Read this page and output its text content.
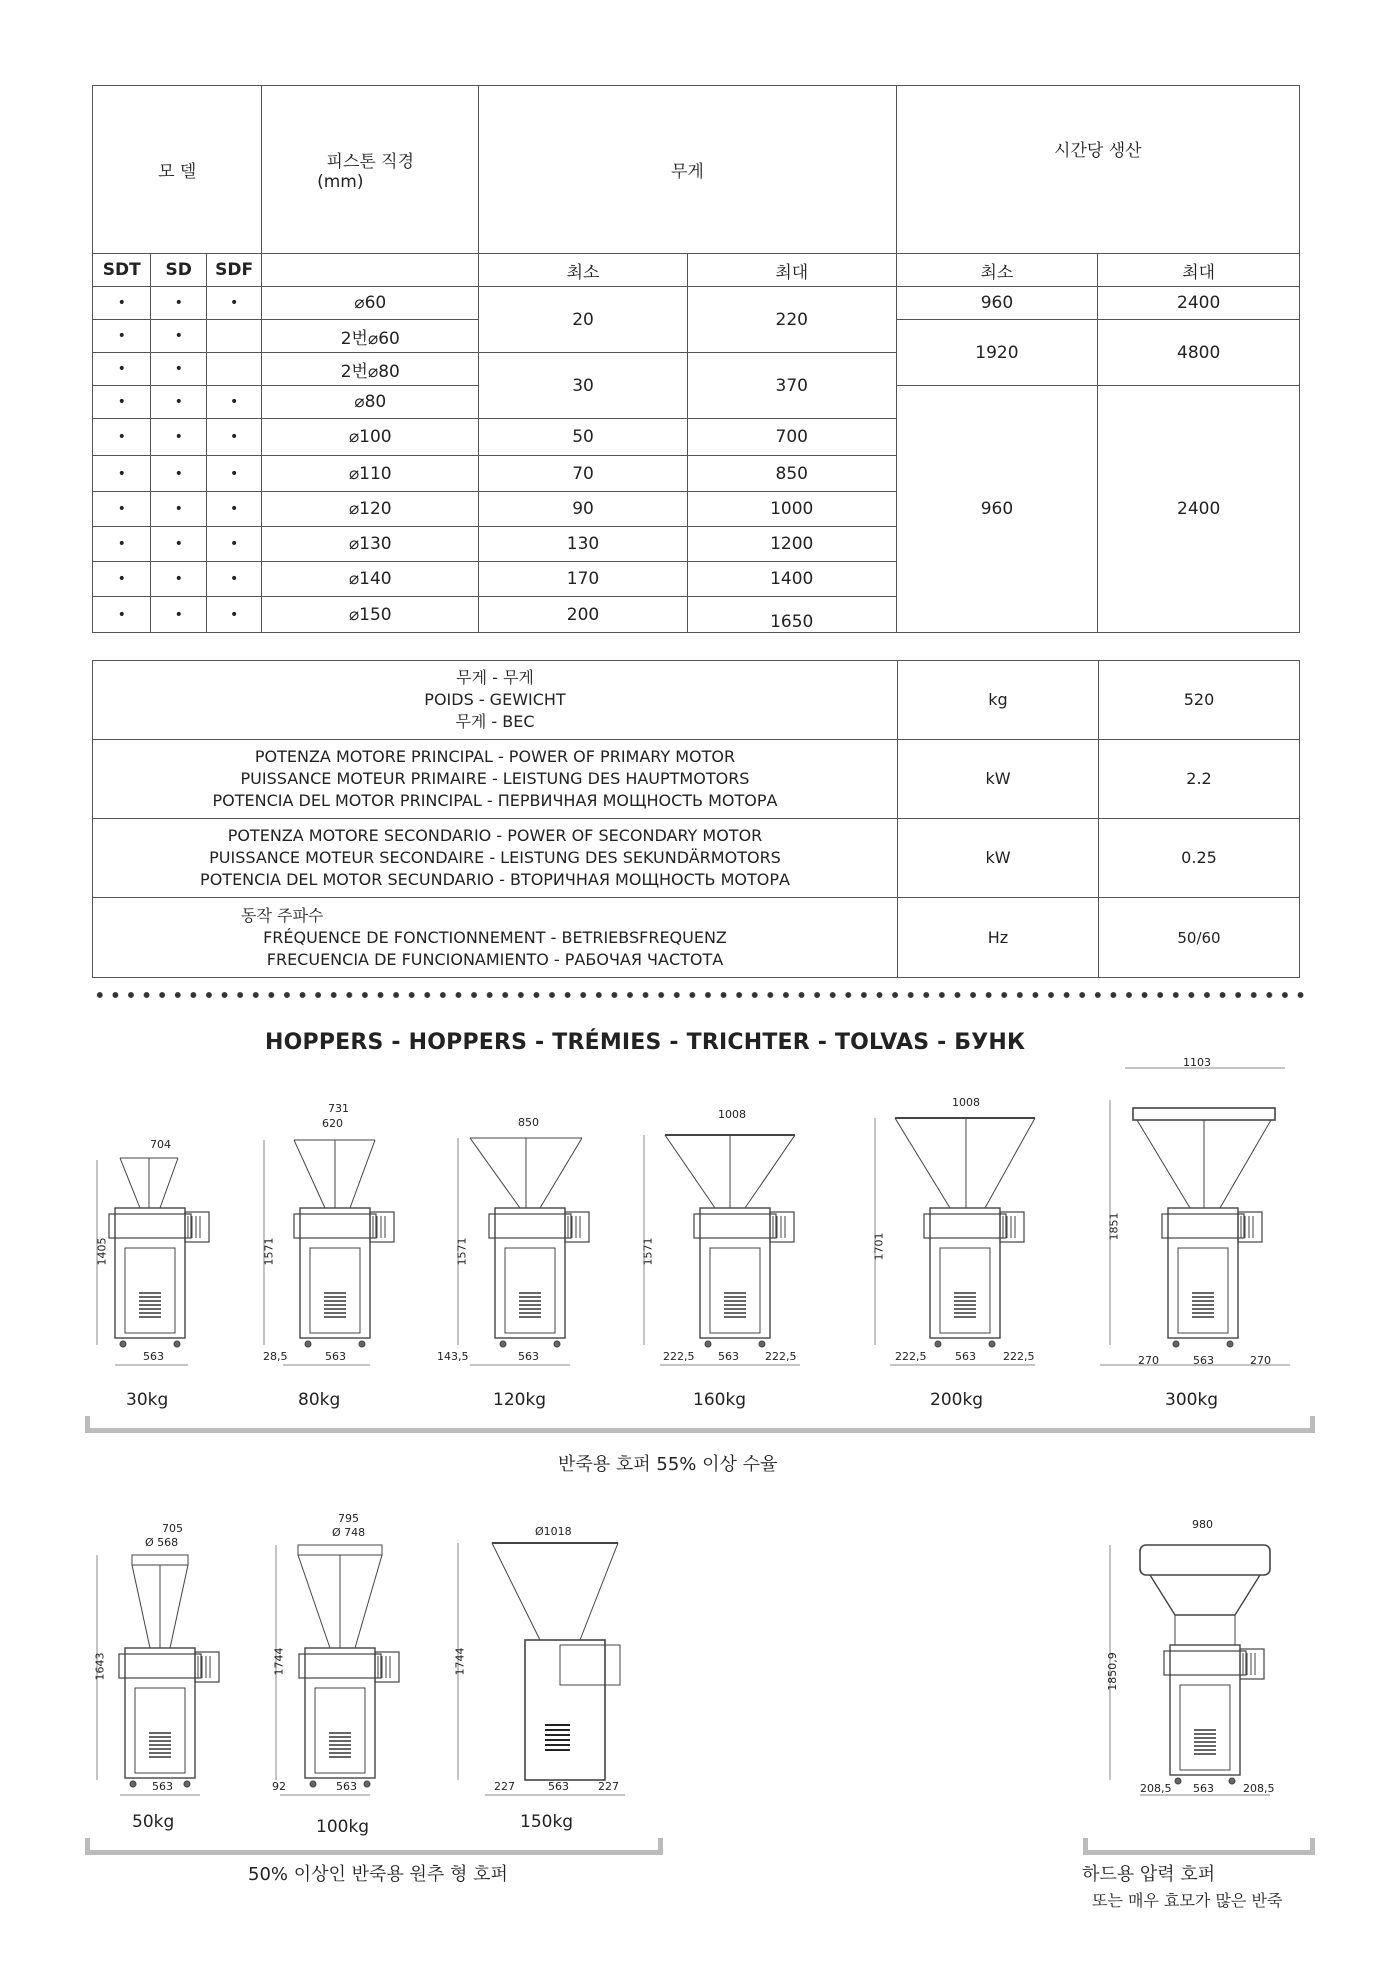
모 델			피스톤 직경
(mm)	무게		시간당 생산	
SDT	SD	SDF		최소	최대	최소	최대
•	•	•	⌀60	20	220	960	2400
•	•		2번⌀60			1920	4800
•	•		2번⌀80	30	370		
•	•	•	⌀80			960	2400
•	•	•	⌀100	50	700		
•	•	•	⌀110	70	850		
•	•	•	⌀120	90	1000		
•	•	•	⌀130	130	1200		
•	•	•	⌀140	170	1400		
•	•	•	⌀150	200	1650		
무게 - 무게
POIDS - GEWICHT
무게 - BEC	kg	520

POTENZA MOTORE PRINCIPAL - POWER OF PRIMARY MOTOR
PUISSANCE MOTEUR PRIMAIRE - LEISTUNG DES HAUPTMOTORS
POTENCIA DEL MOTOR PRINCIPAL - ПЕРВИЧНАЯ МОЩНОСТЬ МОТОРА	kW	2.2

POTENZA MOTORE SECONDARIO - POWER OF SECONDARY MOTOR
PUISSANCE MOTEUR SECONDAIRE - LEISTUNG DES SEKUNDÄRMOTORS
POTENCIA DEL MOTOR SECUNDARIO - ВТОРИЧНАЯ МОЩНОСТЬ МОТОРА	kW	0.25

동작 주파수
FRÉQUENCE DE FONCTIONNEMENT - BETRIEBSFREQUENZ
FRECUENCIA DE FUNCIONAMIENTO - РАБОЧАЯ ЧАСТОТА	Hz	50/60
HOPPERS - HOPPERS - TRÉMIES - TRICHTER - TOLVAS - БУНК
704
1405
563
731
620
1571
28,5	563
850
1571
143,5	563
1008
1571
222,5 563 222,5
1008
1701
222,5	563 222,5
1103
1851
270	563	270
30kg	80kg	120kg	160kg	200kg	300kg
반죽용 호퍼 55% 이상 수율
705
Ø 568
1643
563
795
Ø 748
1744
92	563
Ø1018
1744
227	563	227
980
1850,9
208,5 563	208,5
50kg	100kg	150kg
50% 이상인 반죽용 원추 형 호퍼	하드용 압력 호퍼
또는 매우 효모가 많은 반죽
